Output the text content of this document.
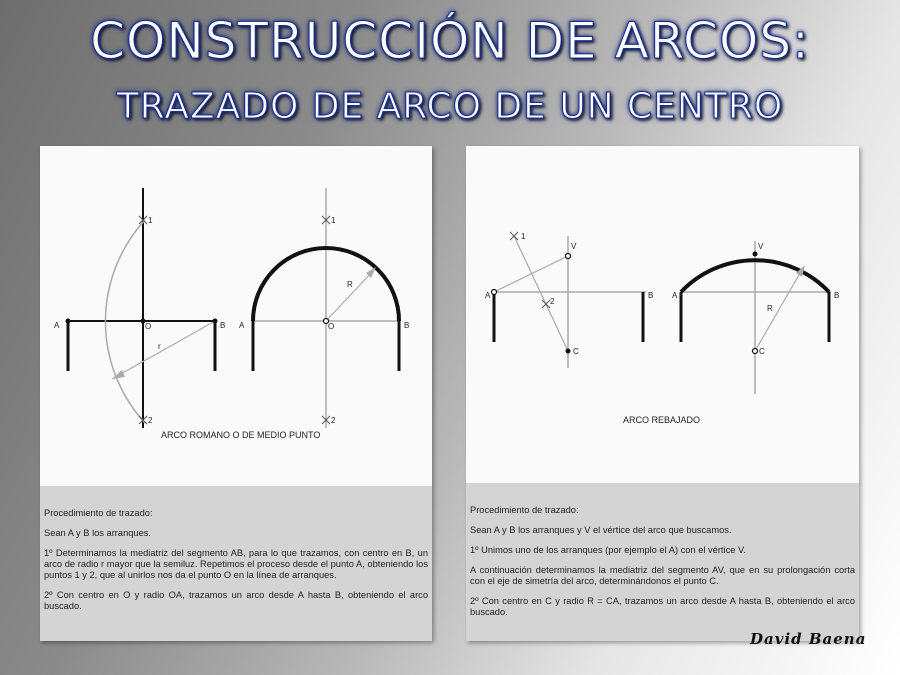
CONSTRUCCIÓN DE ARCOS:
TRAZADO DE ARCO DE UN CENTRO
A	B
O
r
1
2
A	B
O
R
1
2
ARCO ROMANO O DE MEDIO PUNTO

Procedimiento de trazado:

Sean A y B los arranques.

1º Determinamos la mediatriz del segmento AB, para lo que trazamos, con centro en B, un arco de radio r mayor que la semiluz. Repetimos el proceso desde el punto A, obteniendo los puntos 1 y 2, que al unirlos nos da el punto O en la línea de arranques.

2º Con centro en O y radio OA, trazamos un arco desde A hasta B, obteniendo el arco buscado.

1
V
A	B
2
C
V
A	B
R
C
ARCO REBAJADO

Procedimiento de trazado:

Sean A y B los arranques y V el vértice del arco que buscamos.

1º Unimos uno de los arranques (por ejemplo el A) con el vértice V.

A continuación determinamos la mediatriz del segmento AV, que en su prolongación corta con el eje de simetría del arco, determinándonos el punto C.

2º Con centro en C y radio R = CA, trazamos un arco desde A hasta B, obteniendo el arco buscado.

David Baena
